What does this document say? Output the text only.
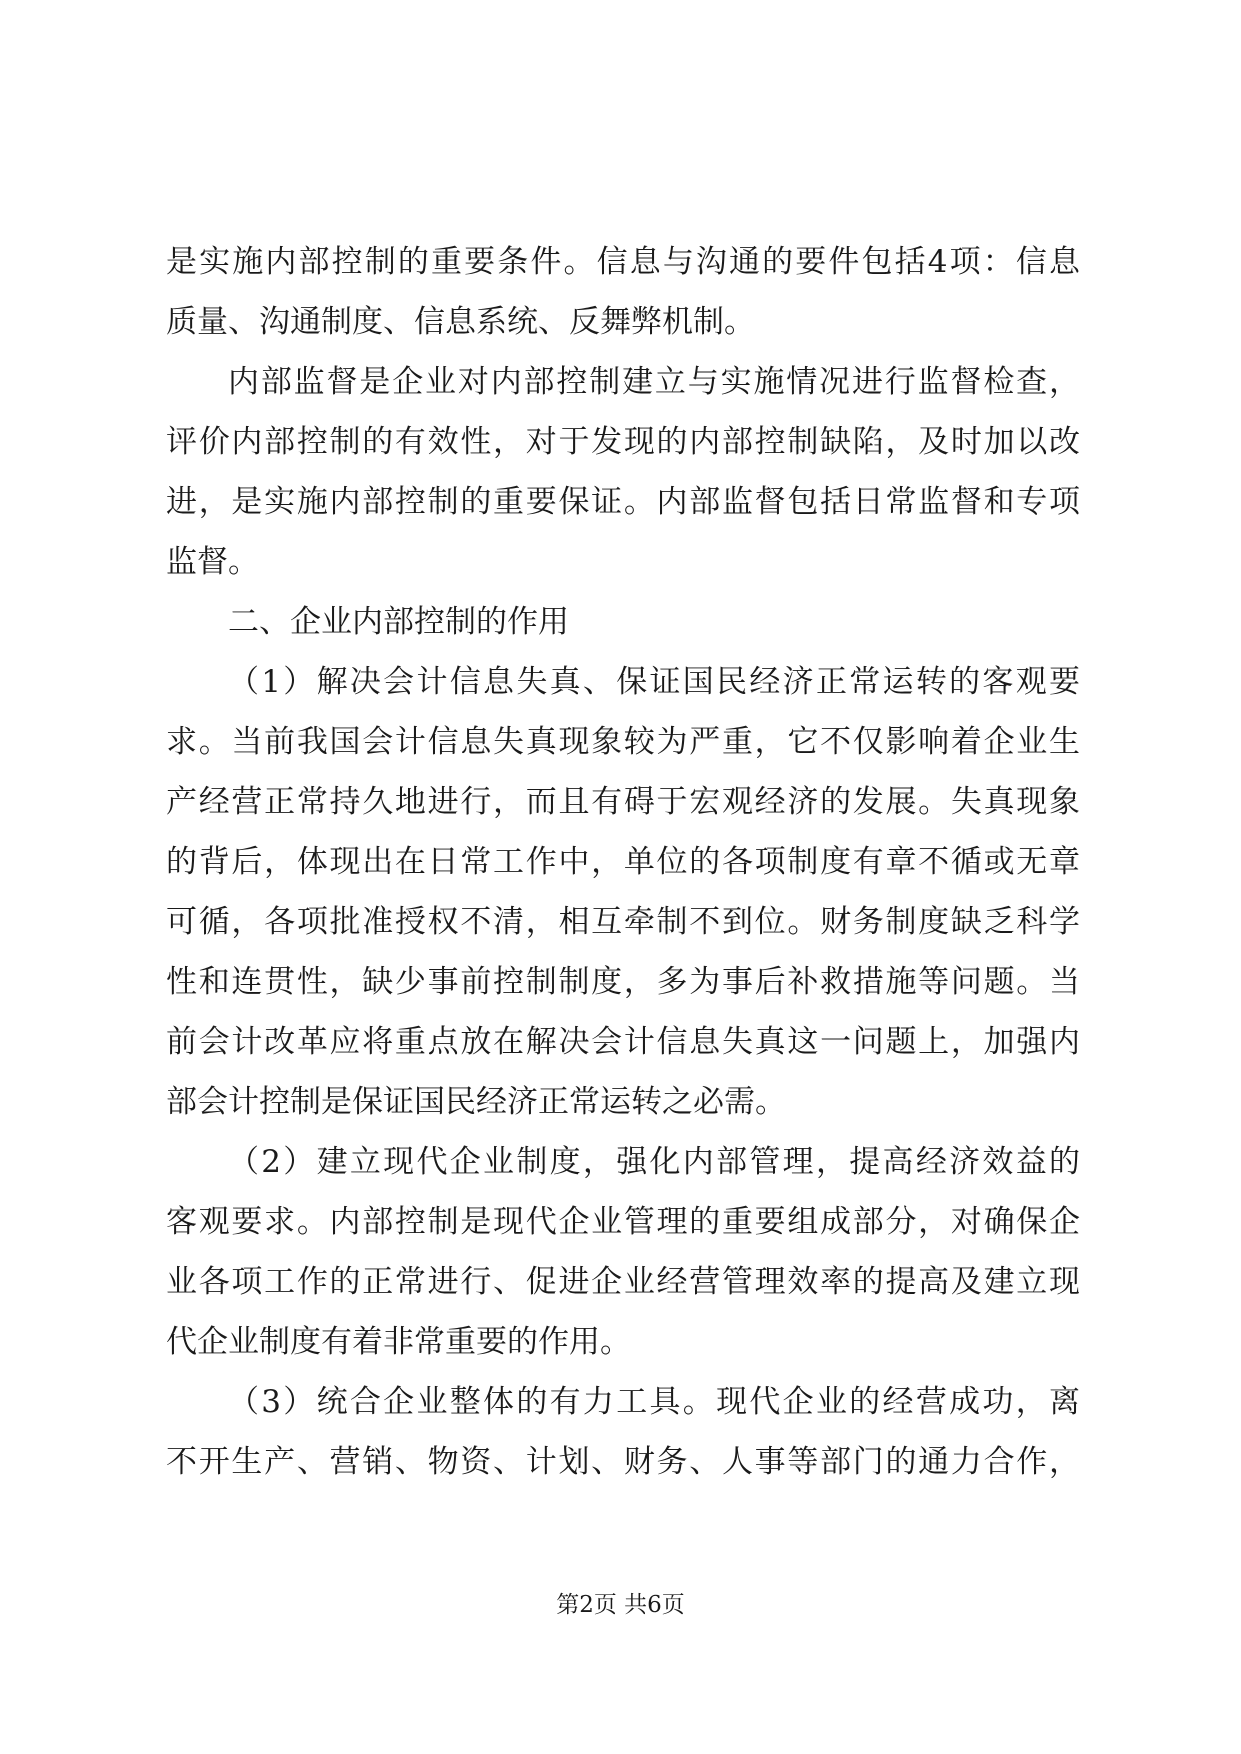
是实施内部控制的重要条件。信息与沟通的要件包括4项：信息
质量、沟通制度、信息系统、反舞弊机制。
内部监督是企业对内部控制建立与实施情况进行监督检查，
评价内部控制的有效性，对于发现的内部控制缺陷，及时加以改
进，是实施内部控制的重要保证。内部监督包括日常监督和专项
监督。
二、企业内部控制的作用
（1）解决会计信息失真、保证国民经济正常运转的客观要
求。当前我国会计信息失真现象较为严重，它不仅影响着企业生
产经营正常持久地进行，而且有碍于宏观经济的发展。失真现象
的背后，体现出在日常工作中，单位的各项制度有章不循或无章
可循，各项批准授权不清，相互牵制不到位。财务制度缺乏科学
性和连贯性，缺少事前控制制度，多为事后补救措施等问题。当
前会计改革应将重点放在解决会计信息失真这一问题上，加强内
部会计控制是保证国民经济正常运转之必需。
（2）建立现代企业制度，强化内部管理，提高经济效益的
客观要求。内部控制是现代企业管理的重要组成部分，对确保企
业各项工作的正常进行、促进企业经营管理效率的提高及建立现
代企业制度有着非常重要的作用。
（3）统合企业整体的有力工具。现代企业的经营成功，离
不开生产、营销、物资、计划、财务、人事等部门的通力合作，
第2页 共6页
